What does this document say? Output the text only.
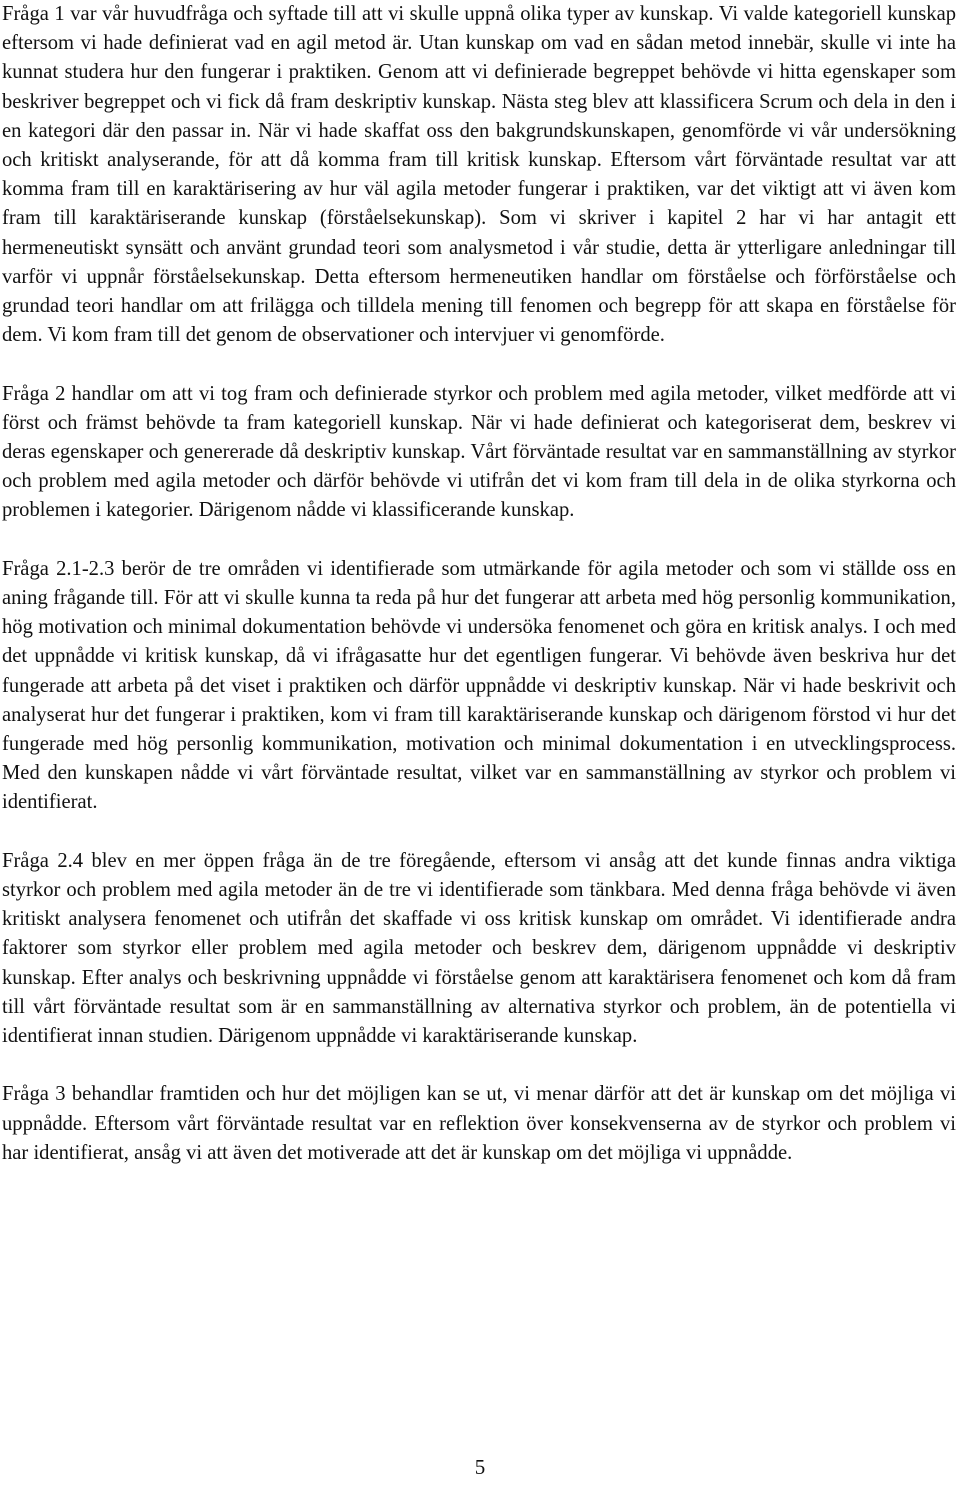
Fråga 1 var vår huvudfråga och syftade till att vi skulle uppnå olika typer av kunskap. Vi valde kategoriell kunskap eftersom vi hade definierat vad en agil metod är. Utan kunskap om vad en sådan metod innebär, skulle vi inte ha kunnat studera hur den fungerar i praktiken. Genom att vi definierade begreppet behövde vi hitta egenskaper som beskriver begreppet och vi fick då fram deskriptiv kunskap. Nästa steg blev att klassificera Scrum och dela in den i en kategori där den passar in. När vi hade skaffat oss den bakgrundskunskapen, genomförde vi vår undersökning och kritiskt analyserande, för att då komma fram till kritisk kunskap. Eftersom vårt förväntade resultat var att komma fram till en karaktärisering av hur väl agila metoder fungerar i praktiken, var det viktigt att vi även kom fram till karaktäriserande kunskap (förståelsekunskap). Som vi skriver i kapitel 2 har vi har antagit ett hermeneutiskt synsätt och använt grundad teori som analysmetod i vår studie, detta är ytterligare anledningar till varför vi uppnår förståelsekunskap. Detta eftersom hermeneutiken handlar om förståelse och förförståelse och grundad teori handlar om att frilägga och tilldela mening till fenomen och begrepp för att skapa en förståelse för dem. Vi kom fram till det genom de observationer och intervjuer vi genomförde.

Fråga 2 handlar om att vi tog fram och definierade styrkor och problem med agila metoder, vilket medförde att vi först och främst behövde ta fram kategoriell kunskap. När vi hade definierat och kategoriserat dem, beskrev vi deras egenskaper och genererade då deskriptiv kunskap. Vårt förväntade resultat var en sammanställning av styrkor och problem med agila metoder och därför behövde vi utifrån det vi kom fram till dela in de olika styrkorna och problemen i kategorier. Därigenom nådde vi klassificerande kunskap.

Fråga 2.1-2.3 berör de tre områden vi identifierade som utmärkande för agila metoder och som vi ställde oss en aning frågande till. För att vi skulle kunna ta reda på hur det fungerar att arbeta med hög personlig kommunikation, hög motivation och minimal dokumentation behövde vi undersöka fenomenet och göra en kritisk analys. I och med det uppnådde vi kritisk kunskap, då vi ifrågasatte hur det egentligen fungerar. Vi behövde även beskriva hur det fungerade att arbeta på det viset i praktiken och därför uppnådde vi deskriptiv kunskap. När vi hade beskrivit och analyserat hur det fungerar i praktiken, kom vi fram till karaktäriserande kunskap och därigenom förstod vi hur det fungerade med hög personlig kommunikation, motivation och minimal dokumentation i en utvecklingsprocess. Med den kunskapen nådde vi vårt förväntade resultat, vilket var en sammanställning av styrkor och problem vi identifierat.

Fråga 2.4 blev en mer öppen fråga än de tre föregående, eftersom vi ansåg att det kunde finnas andra viktiga styrkor och problem med agila metoder än de tre vi identifierade som tänkbara. Med denna fråga behövde vi även kritiskt analysera fenomenet och utifrån det skaffade vi oss kritisk kunskap om området. Vi identifierade andra faktorer som styrkor eller problem med agila metoder och beskrev dem, därigenom uppnådde vi deskriptiv kunskap. Efter analys och beskrivning uppnådde vi förståelse genom att karaktärisera fenomenet och kom då fram till vårt förväntade resultat som är en sammanställning av alternativa styrkor och problem, än de potentiella vi identifierat innan studien. Därigenom uppnådde vi karaktäriserande kunskap.

Fråga 3 behandlar framtiden och hur det möjligen kan se ut, vi menar därför att det är kunskap om det möjliga vi uppnådde. Eftersom vårt förväntade resultat var en reflektion över konsekvenserna av de styrkor och problem vi har identifierat, ansåg vi att även det motiverade att det är kunskap om det möjliga vi uppnådde.

5
